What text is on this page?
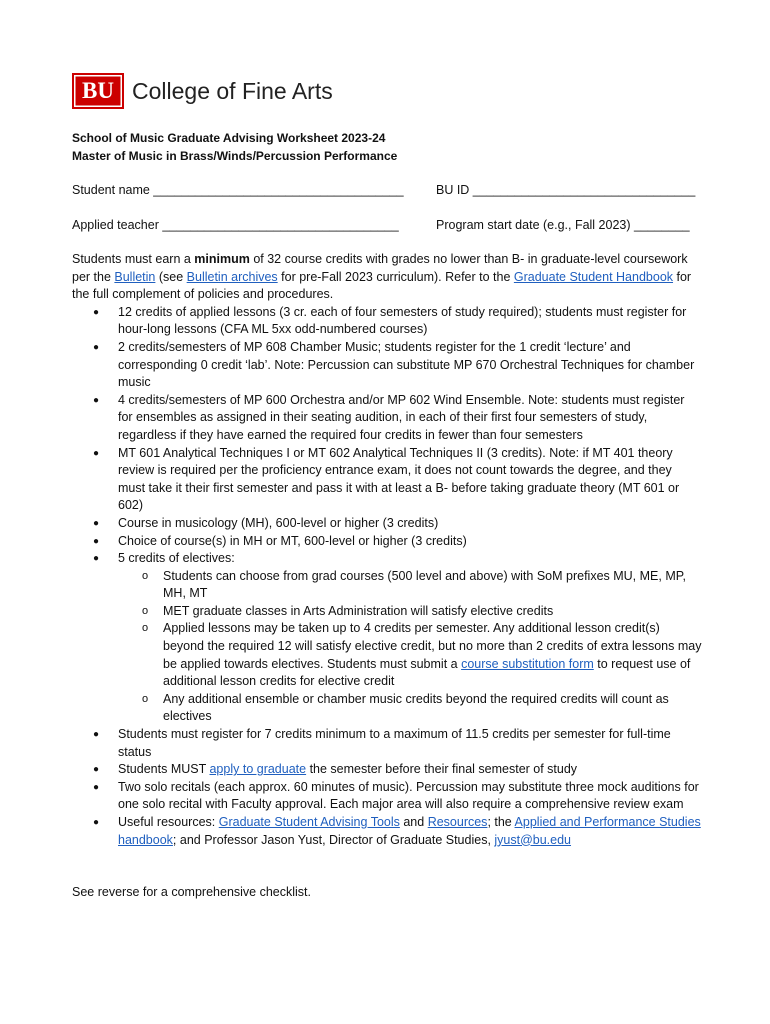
BU College of Fine Arts
School of Music Graduate Advising Worksheet 2023-24
Master of Music in Brass/Winds/Percussion Performance
Student name ____________________________________	BU ID ________________________________
Applied teacher __________________________________	Program start date (e.g., Fall 2023) ________

Students must earn a minimum of 32 course credits with grades no lower than B- in graduate-level coursework per the Bulletin (see Bulletin archives for pre-Fall 2023 curriculum). Refer to the Graduate Student Handbook for the full complement of policies and procedures.

● 12 credits of applied lessons (3 cr. each of four semesters of study required); students must register for hour-long lessons (CFA ML 5xx odd-numbered courses)
● 2 credits/semesters of MP 608 Chamber Music; students register for the 1 credit ‘lecture’ and corresponding 0 credit ‘lab’. Note: Percussion can substitute MP 670 Orchestral Techniques for chamber music
● 4 credits/semesters of MP 600 Orchestra and/or MP 602 Wind Ensemble. Note: students must register for ensembles as assigned in their seating audition, in each of their first four semesters of study, regardless if they have earned the required four credits in fewer than four semesters
● MT 601 Analytical Techniques I or MT 602 Analytical Techniques II (3 credits). Note: if MT 401 theory review is required per the proficiency entrance exam, it does not count towards the degree, and they must take it their first semester and pass it with at least a B- before taking graduate theory (MT 601 or 602)
● Course in musicology (MH), 600-level or higher (3 credits)
● Choice of course(s) in MH or MT, 600-level or higher (3 credits)
● 5 credits of electives:
o Students can choose from grad courses (500 level and above) with SoM prefixes MU, ME, MP, MH, MT
o MET graduate classes in Arts Administration will satisfy elective credits
o Applied lessons may be taken up to 4 credits per semester. Any additional lesson credit(s) beyond the required 12 will satisfy elective credit, but no more than 2 credits of extra lessons may be applied towards electives. Students must submit a course substitution form to request use of additional lesson credits for elective credit
o Any additional ensemble or chamber music credits beyond the required credits will count as electives
● Students must register for 7 credits minimum to a maximum of 11.5 credits per semester for full-time status
● Students MUST apply to graduate the semester before their final semester of study
● Two solo recitals (each approx. 60 minutes of music). Percussion may substitute three mock auditions for one solo recital with Faculty approval. Each major area will also require a comprehensive review exam
● Useful resources: Graduate Student Advising Tools and Resources; the Applied and Performance Studies handbook; and Professor Jason Yust, Director of Graduate Studies, jyust@bu.edu
See reverse for a comprehensive checklist.
